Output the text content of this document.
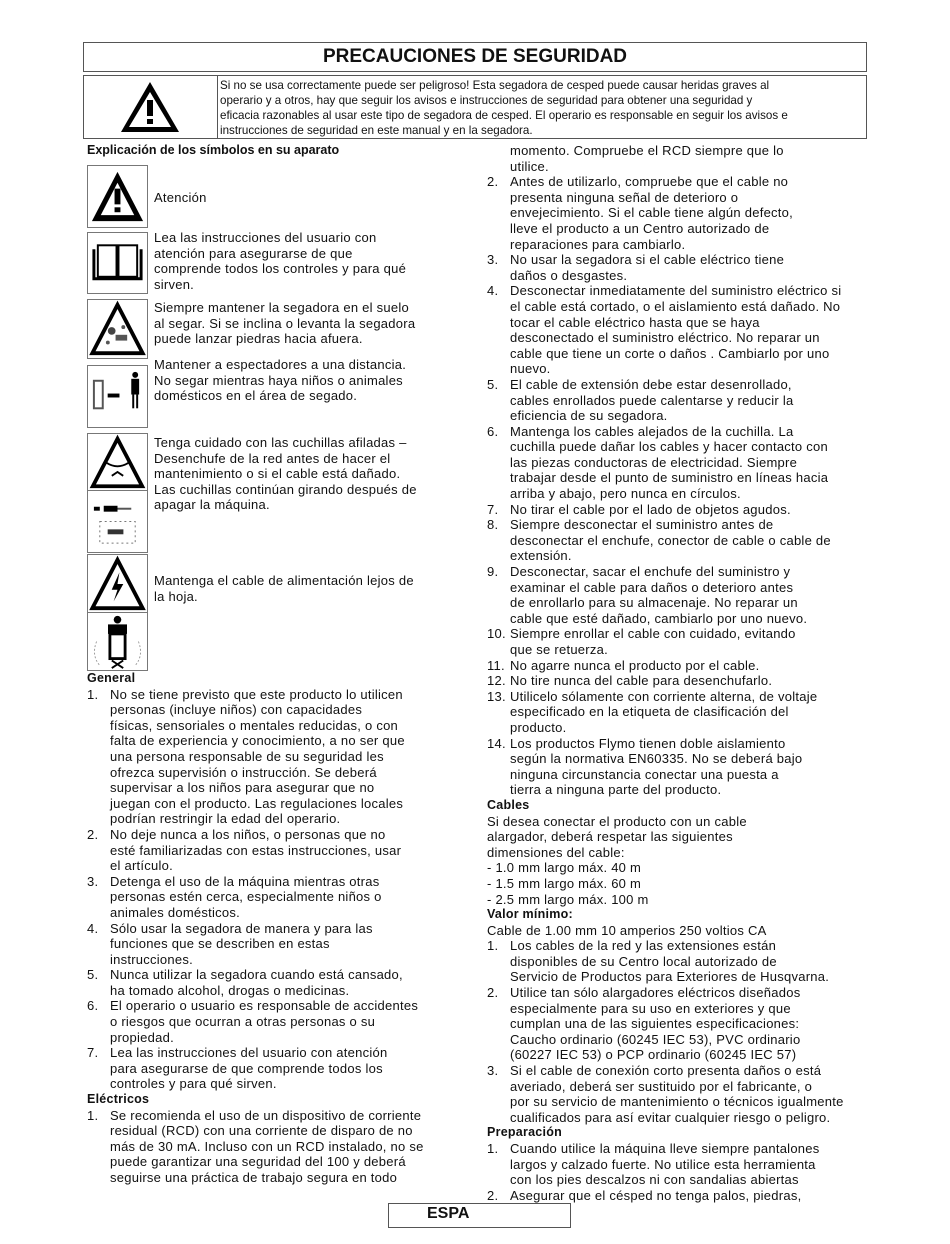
PRECAUCIONES DE SEGURIDAD
Si no se usa correctamente puede ser peligroso! Esta segadora de cesped puede causar heridas graves al
operario y a otros, hay que seguir los avisos e instrucciones de seguridad para obtener una seguridad y
eficacia razonables al usar este tipo de segadora de cesped. El operario es responsable en seguir los avisos e
instrucciones de seguridad en este manual y en la segadora.
Explicación de los símbolos en su aparato
Atención
Lea las instrucciones del usuario con
atención para asegurarse de que
comprende todos los controles y para qué
sirven.
Siempre mantener la segadora en el suelo
al segar. Si se inclina o levanta la segadora
puede lanzar piedras hacia afuera.
Mantener a espectadores a una distancia.
No segar mientras haya niños o animales
domésticos en el área de segado.
Tenga cuidado con las cuchillas afiladas –
Desenchufe de la red antes de hacer el
mantenimiento o si el cable está dañado.
Las cuchillas continúan girando después de
apagar la máquina.
Mantenga el cable de alimentación lejos de
la hoja.
General
1. No se tiene previsto que este producto lo utilicen
personas (incluye niños) con capacidades
físicas, sensoriales o mentales reducidas, o con
falta de experiencia y conocimiento, a no ser que
una persona responsable de su seguridad les
ofrezca supervisión o instrucción. Se deberá
supervisar a los niños para asegurar que no
juegan con el producto. Las regulaciones locales
podrían restringir la edad del operario.
2. No deje nunca a los niños, o personas que no
esté familiarizadas con estas instrucciones, usar
el artículo.
3. Detenga el uso de la máquina mientras otras
personas estén cerca, especialmente niños o
animales domésticos.
4. Sólo usar la segadora de manera y para las
funciones que se describen en estas
instrucciones.
5. Nunca utilizar la segadora cuando está cansado,
ha tomado alcohol, drogas o medicinas.
6. El operario o usuario es responsable de accidentes
o riesgos que ocurran a otras personas o su
propiedad.
7. Lea las instrucciones del usuario con atención
para asegurarse de que comprende todos los
controles y para qué sirven.
Eléctricos
1. Se recomienda el uso de un dispositivo de corriente
residual (RCD) con una corriente de disparo de no
más de 30 mA. Incluso con un RCD instalado, no se
puede garantizar una seguridad del 100 y deberá
seguirse una práctica de trabajo segura en todo
momento. Compruebe el RCD siempre que lo
utilice.
2. Antes de utilizarlo, compruebe que el cable no
presenta ninguna señal de deterioro o
envejecimiento. Si el cable tiene algún defecto,
lleve el producto a un Centro autorizado de
reparaciones para cambiarlo.
3. No usar la segadora si el cable eléctrico tiene
daños o desgastes.
4. Desconectar inmediatamente del suministro eléctrico si
el cable está cortado, o el aislamiento está dañado. No
tocar el cable eléctrico hasta que se haya
desconectado el suministro eléctrico. No reparar un
cable que tiene un corte o daños . Cambiarlo por uno
nuevo.
5. El cable de extensión debe estar desenrollado,
cables enrollados puede calentarse y reducir la
eficiencia de su segadora.
6. Mantenga los cables alejados de la cuchilla. La
cuchilla puede dañar los cables y hacer contacto con
las piezas conductoras de electricidad. Siempre
trabajar desde el punto de suministro en líneas hacia
arriba y abajo, pero nunca en círculos.
7. No tirar el cable por el lado de objetos agudos.
8. Siempre desconectar el suministro antes de
desconectar el enchufe, conector de cable o cable de
extensión.
9. Desconectar, sacar el enchufe del suministro y
examinar el cable para daños o deterioro antes
de enrollarlo para su almacenaje. No reparar un
cable que esté dañado, cambiarlo por uno nuevo.
10. Siempre enrollar el cable con cuidado, evitando
que se retuerza.
11. No agarre nunca el producto por el cable.
12. No tire nunca del cable para desenchufarlo.
13. Utilicelo sólamente con corriente alterna, de voltaje
especificado en la etiqueta de clasificación del
producto.
14. Los productos Flymo tienen doble aislamiento
según la normativa EN60335. No se deberá bajo
ninguna circunstancia conectar una puesta a
tierra a ninguna parte del producto.
Cables
Si desea conectar el producto con un cable
alargador, deberá respetar las siguientes
dimensiones del cable:
- 1.0 mm largo máx. 40 m
- 1.5 mm largo máx. 60 m
- 2.5 mm largo máx. 100 m
Valor mínimo:
Cable de 1.00 mm 10 amperios 250 voltios CA
1. Los cables de la red y las extensiones están
disponibles de su Centro local autorizado de
Servicio de Productos para Exteriores de Husqvarna.
2. Utilice tan sólo alargadores eléctricos diseñados
especialmente para su uso en exteriores y que
cumplan una de las siguientes especificaciones:
Caucho ordinario (60245 IEC 53), PVC ordinario
(60227 IEC 53) o PCP ordinario (60245 IEC 57)
3. Si el cable de conexión corto presenta daños o está
averiado, deberá ser sustituido por el fabricante, o
por su servicio de mantenimiento o técnicos igualmente
cualificados para así evitar cualquier riesgo o peligro.
Preparación
1. Cuando utilice la máquina lleve siempre pantalones
largos y calzado fuerte. No utilice esta herramienta
con los pies descalzos ni con sandalias abiertas
2. Asegurar que el césped no tenga palos, piedras,
ESPA
